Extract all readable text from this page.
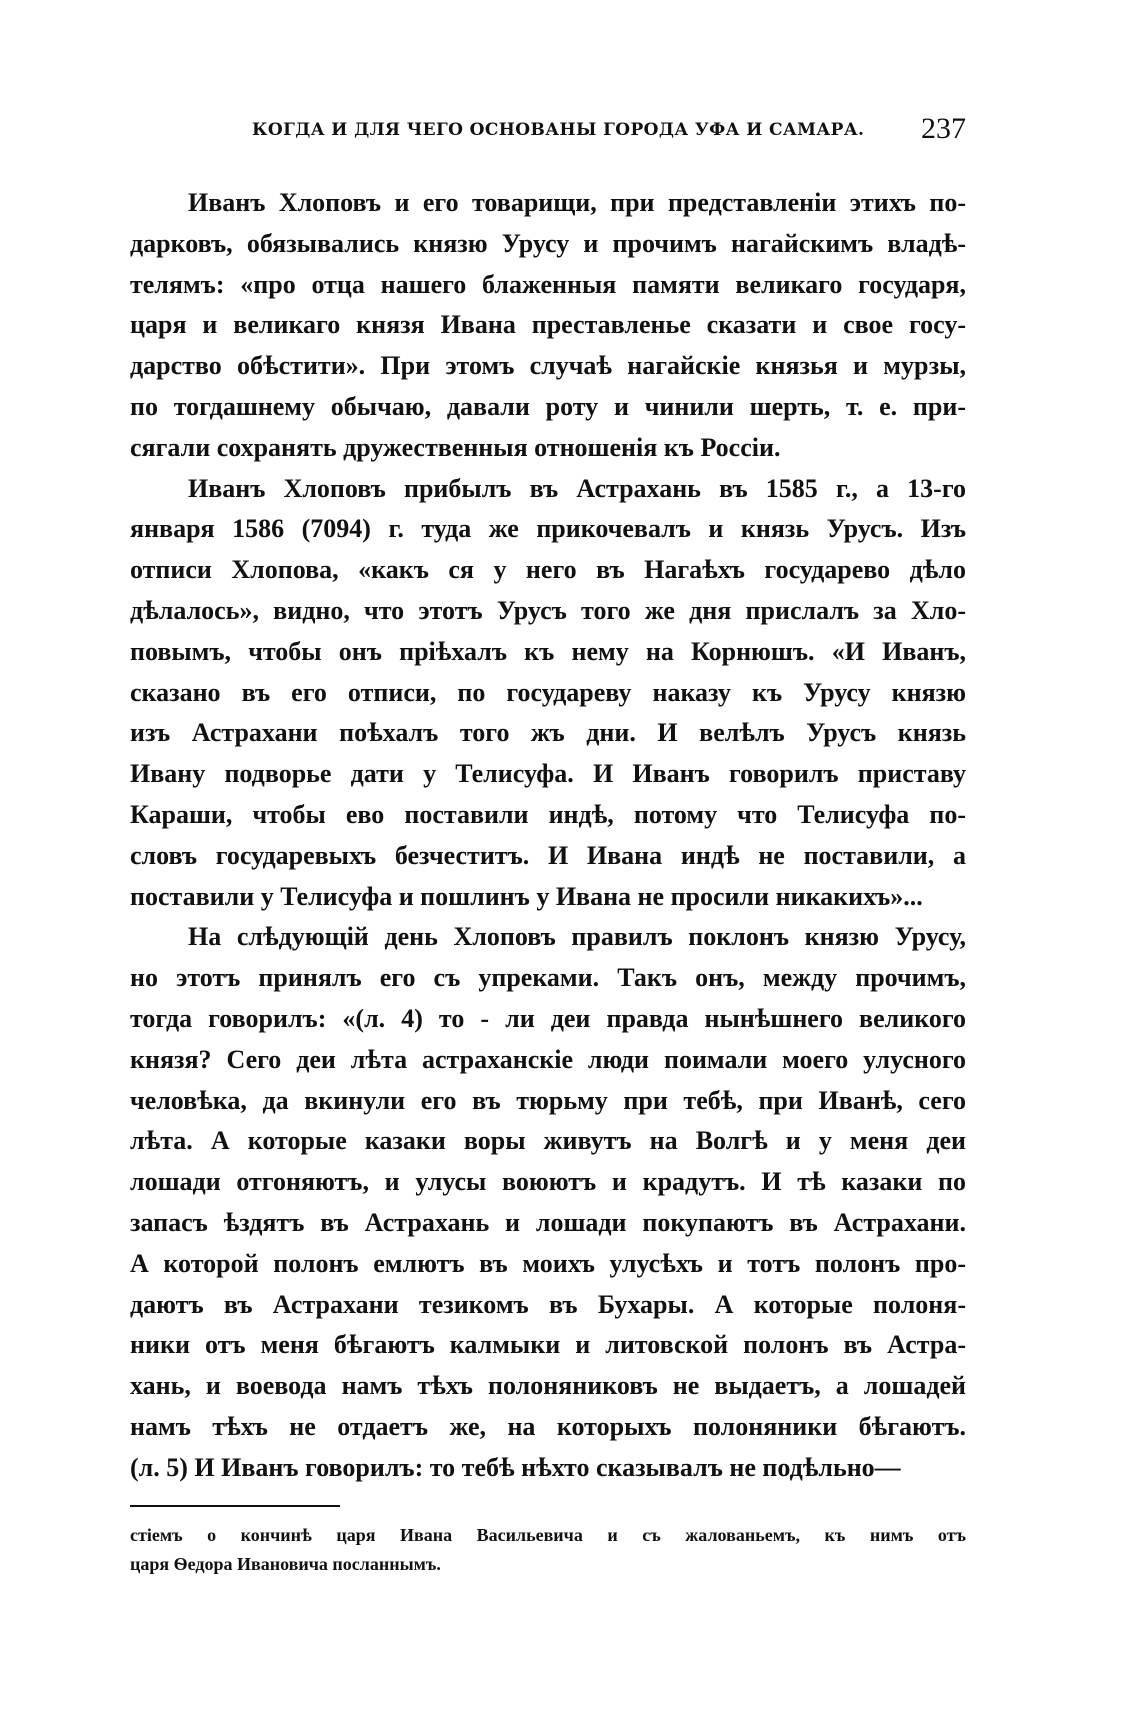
КОГДА И ДЛЯ ЧЕГО ОСНОВАНЫ ГОРОДА УФА И САМАРА. 237
Иванъ Хлоповъ и его товарищи, при представленіи этихъ по-
дарковъ, обязывались князю Урусу и прочимъ нагайскимъ владѣ-
телямъ: «про отца нашего блаженныя памяти великаго государя,
царя и великаго князя Ивана преставленье сказати и свое госу-
дарство обѣстити». При этомъ случаѣ нагайскіе князья и мурзы,
по тогдашнему обычаю, давали роту и чинили шерть, т. е. при-
сягали сохранять дружественныя отношенія къ Россіи.
Иванъ Хлоповъ прибылъ въ Астрахань въ 1585 г., а 13-го
января 1586 (7094) г. туда же прикочевалъ и князь Урусъ. Изъ
отписи Хлопова, «какъ ся у него въ Нагаѣхъ государево дѣло
дѣлалось», видно, что этотъ Урусъ того же дня прислалъ за Хло-
повымъ, чтобы онъ пріѣхалъ къ нему на Корнюшъ. «И Иванъ,
сказано въ его отписи, по государеву наказу къ Урусу князю
изъ Астрахани поѣхалъ того жъ дни. И велѣлъ Урусъ князь
Ивану подворье дати у Телисуфа. И Иванъ говорилъ приставу
Караши, чтобы ево поставили индѣ, потому что Телисуфа по-
словъ государевыхъ безчеститъ. И Ивана индѣ не поставили, а
поставили у Телисуфа и пошлинъ у Ивана не просили никакихъ»...
На слѣдующій день Хлоповъ правилъ поклонъ князю Урусу,
но этотъ принялъ его съ упреками. Такъ онъ, между прочимъ,
тогда говорилъ: «(л. 4) то - ли деи правда нынѣшнего великого
князя? Сего деи лѣта астраханскіе люди поимали моего улусного
человѣка, да вкинули его въ тюрьму при тебѣ, при Иванѣ, сего
лѣта. А которые казаки воры живутъ на Волгѣ и у меня деи
лошади отгоняютъ, и улусы воюютъ и крадутъ. И тѣ казаки по
запасъ ѣздятъ въ Астрахань и лошади покупаютъ въ Астрахани.
А которой полонъ емлютъ въ моихъ улусѣхъ и тотъ полонъ про-
даютъ въ Астрахани тезикомъ въ Бухары. А которые полоня-
ники отъ меня бѣгаютъ калмыки и литовской полонъ въ Астра-
хань, и воевода намъ тѣхъ полоняниковъ не выдаетъ, а лошадей
намъ тѣхъ не отдаетъ же, на которыхъ полоняники бѣгаютъ.
(л. 5) И Иванъ говорилъ: то тебѣ нѣхто сказывалъ не подѣльно—
стіемъ о кончинѣ царя Ивана Васильевича и съ жалованьемъ, къ нимъ отъ
царя Ѳедора Ивановича посланнымъ.
